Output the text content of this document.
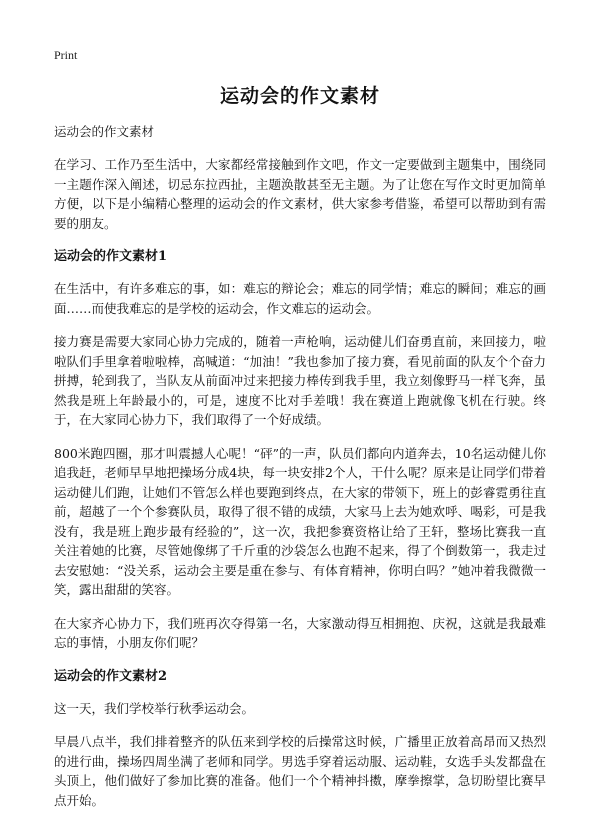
Print
运动会的作文素材

运动会的作文素材

在学习、工作乃至生活中，大家都经常接触到作文吧，作文一定要做到主题集中，围绕同一主题作深入阐述，切忌东拉西扯，主题涣散甚至无主题。为了让您在写作文时更加简单方便，以下是小编精心整理的运动会的作文素材，供大家参考借鉴，希望可以帮助到有需要的朋友。

运动会的作文素材1

在生活中，有许多难忘的事，如：难忘的辩论会；难忘的同学情；难忘的瞬间；难忘的画面……而使我难忘的是学校的运动会，作文难忘的运动会。

接力赛是需要大家同心协力完成的，随着一声枪响，运动健儿们奋勇直前，来回接力，啦啦队们手里拿着啦啦棒，高喊道：“加油！”我也参加了接力赛，看见前面的队友个个奋力拼搏，轮到我了，当队友从前面冲过来把接力棒传到我手里，我立刻像野马一样飞奔，虽然我是班上年龄最小的，可是，速度不比对手差哦！我在赛道上跑就像飞机在行驶。终于，在大家同心协力下，我们取得了一个好成绩。

800米跑四圈，那才叫震撼人心呢！“砰”的一声，队员们都向内道奔去，10名运动健儿你追我赶，老师早早地把操场分成4块，每一块安排2个人，干什么呢？原来是让同学们带着运动健儿们跑，让她们不管怎么样也要跑到终点，在大家的带领下，班上的彭睿霓勇往直前，超越了一个个参赛队员，取得了很不错的成绩，大家马上去为她欢呼、喝彩，可是我没有，我是班上跑步最有经验的”，这一次，我把参赛资格让给了王轩，整场比赛我一直关注着她的比赛，尽管她像绑了千斤重的沙袋怎么也跑不起来，得了个倒数第一，我走过去安慰她：“没关系，运动会主要是重在参与、有体育精神，你明白吗？”她冲着我微微一笑，露出甜甜的笑容。

在大家齐心协力下，我们班再次夺得第一名，大家激动得互相拥抱、庆祝，这就是我最难忘的事情，小朋友你们呢？

运动会的作文素材2

这一天，我们学校举行秋季运动会。

早晨八点半，我们排着整齐的队伍来到学校的后操常这时候，广播里正放着高昂而又热烈的进行曲，操场四周坐满了老师和同学。男选手穿着运动服、运动鞋，女选手头发都盘在头顶上，他们做好了参加比赛的准备。他们一个个精神抖擞，摩拳擦掌，急切盼望比赛早点开始。
